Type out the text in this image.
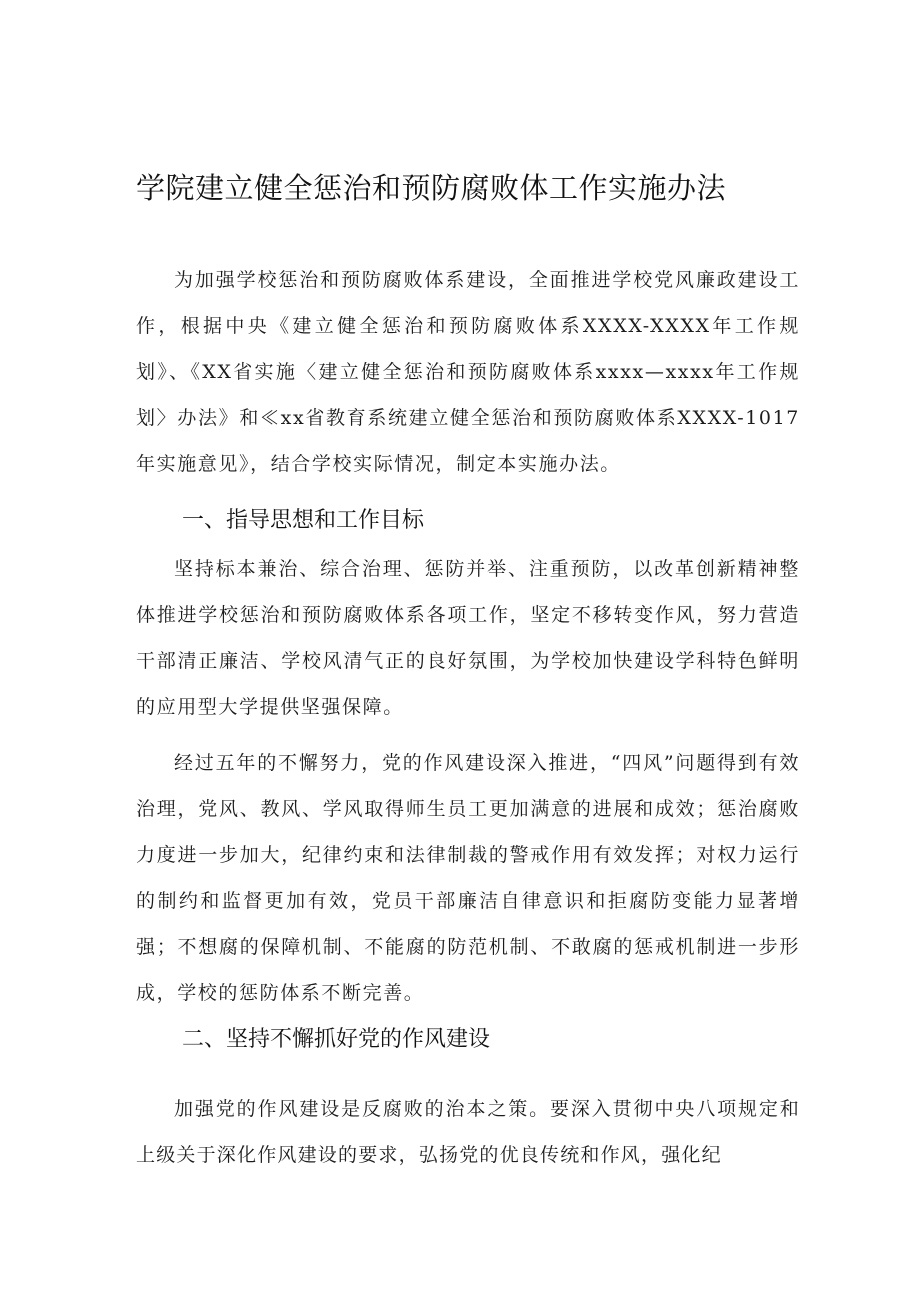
学院建立健全惩治和预防腐败体工作实施办法

为加强学校惩治和预防腐败体系建设，全面推进学校党风廉政建设工作，根据中央《建立健全惩治和预防腐败体系XXXX-XXXX年工作规划》、《XX省实施〈建立健全惩治和预防腐败体系xxxx—xxxx年工作规划〉办法》和≪xx省教育系统建立健全惩治和预防腐败体系XXXX-1017年实施意见》，结合学校实际情况，制定本实施办法。

一、指导思想和工作目标

坚持标本兼治、综合治理、惩防并举、注重预防，以改革创新精神整体推进学校惩治和预防腐败体系各项工作，坚定不移转变作风，努力营造干部清正廉洁、学校风清气正的良好氛围，为学校加快建设学科特色鲜明的应用型大学提供坚强保障。

经过五年的不懈努力，党的作风建设深入推进，“四风”问题得到有效治理，党风、教风、学风取得师生员工更加满意的进展和成效；惩治腐败力度进一步加大，纪律约束和法律制裁的警戒作用有效发挥；对权力运行的制约和监督更加有效，党员干部廉洁自律意识和拒腐防变能力显著增强；不想腐的保障机制、不能腐的防范机制、不敢腐的惩戒机制进一步形成，学校的惩防体系不断完善。

二、坚持不懈抓好党的作风建设

加强党的作风建设是反腐败的治本之策。要深入贯彻中央八项规定和上级关于深化作风建设的要求，弘扬党的优良传统和作风，强化纪
